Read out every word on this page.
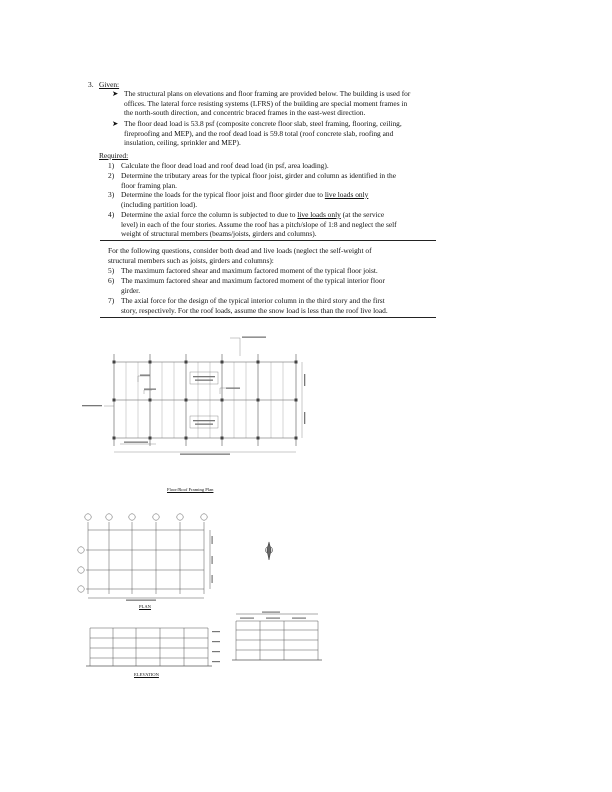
3. Given:
➤ The structural plans on elevations and floor framing are provided below. The building is used for
offices. The lateral force resisting systems (LFRS) of the building are special moment frames in
the north-south direction, and concentric braced frames in the east-west direction.
➤ The floor dead load is 53.8 psf (composite concrete floor slab, steel framing, flooring, ceiling,
fireproofing and MEP), and the roof dead load is 59.8 total (roof concrete slab, roofing and
insulation, ceiling, sprinkler and MEP).
Required:
1) Calculate the floor dead load and roof dead load (in psf, area loading).
2) Determine the tributary areas for the typical floor joist, girder and column as identified in the
floor framing plan.
3) Determine the loads for the typical floor joist and floor girder due to live loads only
(including partition load).
4) Determine the axial force the column is subjected to due to live loads only (at the service
level) in each of the four stories. Assume the roof has a pitch/slope of 1:8 and neglect the self
weight of structural members (beams/joists, girders and columns).
For the following questions, consider both dead and live loads (neglect the self-weight of
structural members such as joists, girders and columns):
5) The maximum factored shear and maximum factored moment of the typical floor joist.
6) The maximum factored shear and maximum factored moment of the typical interior floor
girder.
7) The axial force for the design of the typical interior column in the third story and the first
story, respectively. For the roof loads, assume the snow load is less than the roof live load.
Floor/Roof Framing Plan
PLAN
ELEVATION
